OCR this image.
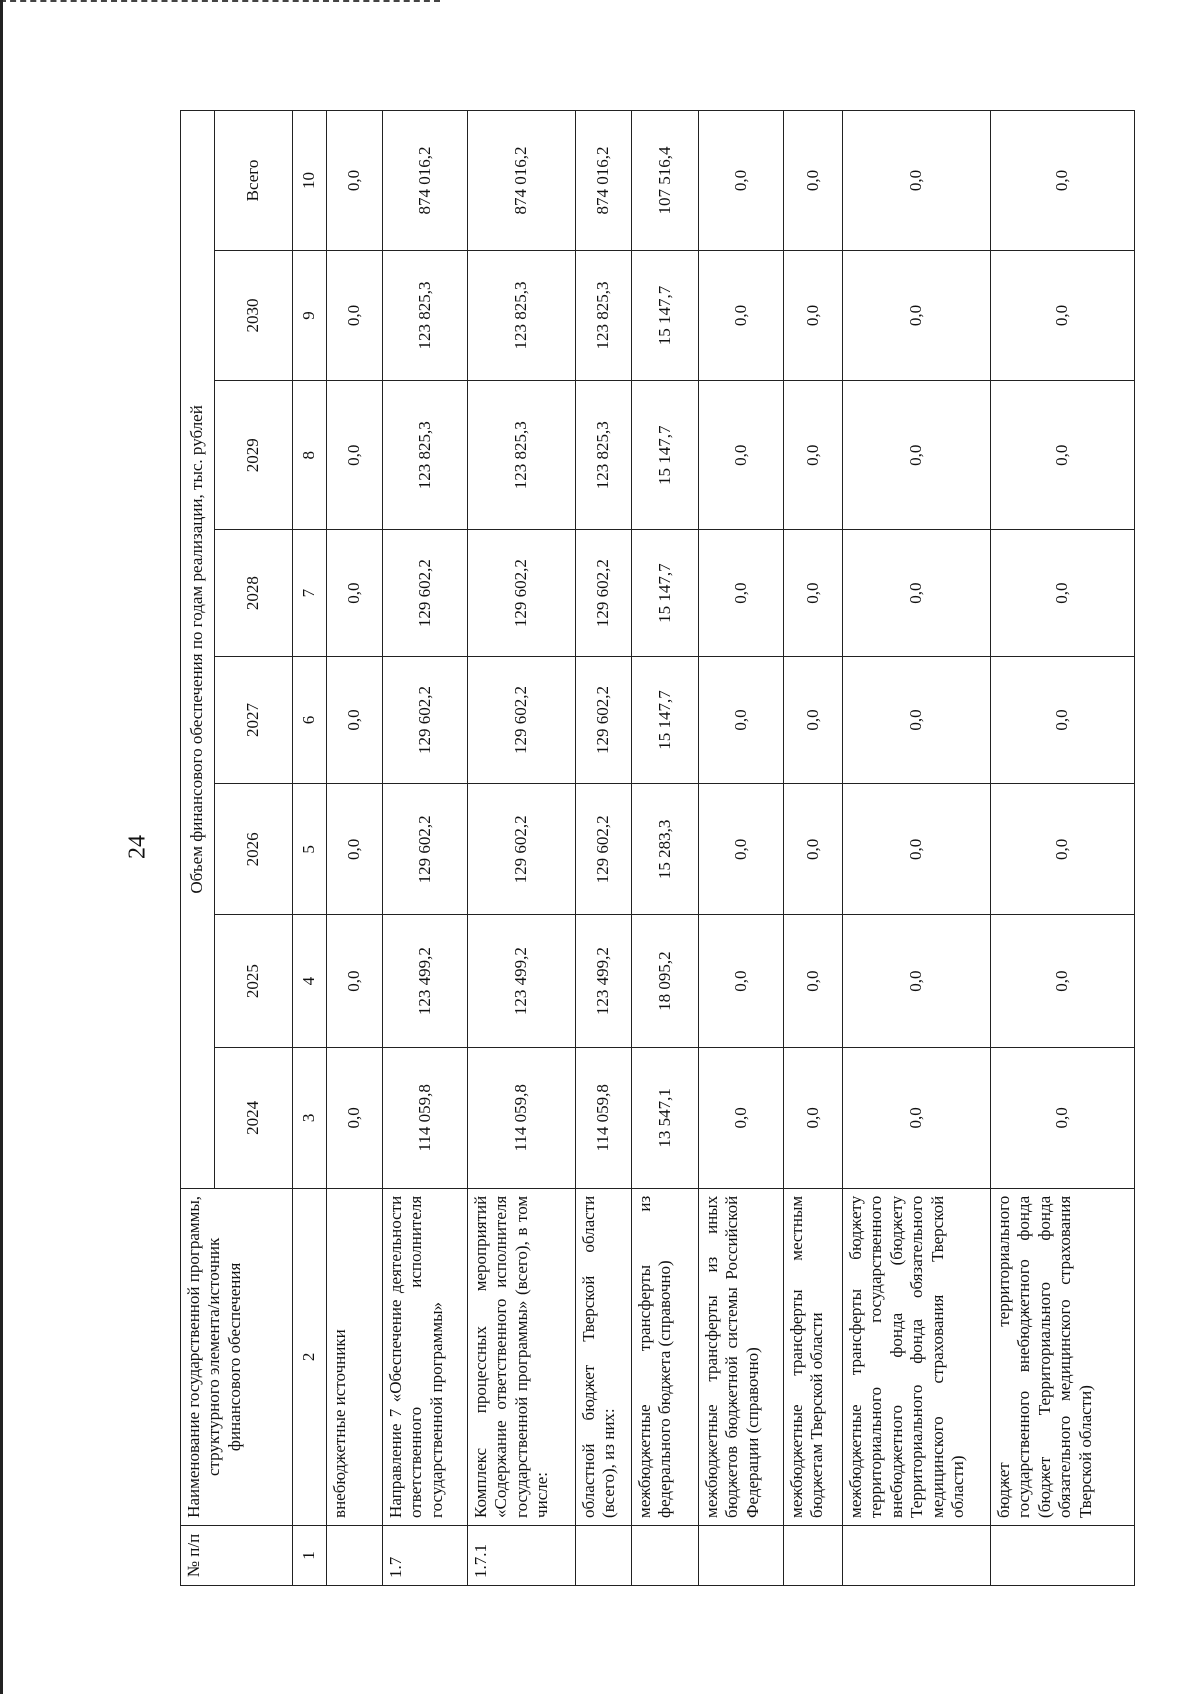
24
№ п/п	Наименование государственной программы, структурного элемента/источник финансового обеспечения	Объем финансового обеспечения по годам реализации, тыс. рублей							
		2024	2025	2026	2027	2028	2029	2030	Всего
1	2	3	4	5	6	7	8	9	10
	внебюджетные источники	0,0	0,0	0,0	0,0	0,0	0,0	0,0	0,0
1.7	Направление 7 «Обеспечение деятельности ответственного исполнителя государственной программы»	114 059,8	123 499,2	129 602,2	129 602,2	129 602,2	123 825,3	123 825,3	874 016,2
1.7.1	Комплекс процессных мероприятий «Содержание ответственного исполнителя государственной программы» (всего), в том числе:	114 059,8	123 499,2	129 602,2	129 602,2	129 602,2	123 825,3	123 825,3	874 016,2
	областной бюджет Тверской области (всего), из них:	114 059,8	123 499,2	129 602,2	129 602,2	129 602,2	123 825,3	123 825,3	874 016,2
	межбюджетные трансферты из федерального бюджета (справочно)	13 547,1	18 095,2	15 283,3	15 147,7	15 147,7	15 147,7	15 147,7	107 516,4
	межбюджетные трансферты из иных бюджетов бюджетной системы Российской Федерации (справочно)	0,0	0,0	0,0	0,0	0,0	0,0	0,0	0,0
	межбюджетные трансферты местным бюджетам Тверской области	0,0	0,0	0,0	0,0	0,0	0,0	0,0	0,0
	межбюджетные трансферты бюджету территориального государственного внебюджетного фонда (бюджету Территориального фонда обязательного медицинского страхования Тверской области)	0,0	0,0	0,0	0,0	0,0	0,0	0,0	0,0
	бюджет территориального государственного внебюджетного фонда (бюджет Территориального фонда обязательного медицинского страхования Тверской области)	0,0	0,0	0,0	0,0	0,0	0,0	0,0	0,0
